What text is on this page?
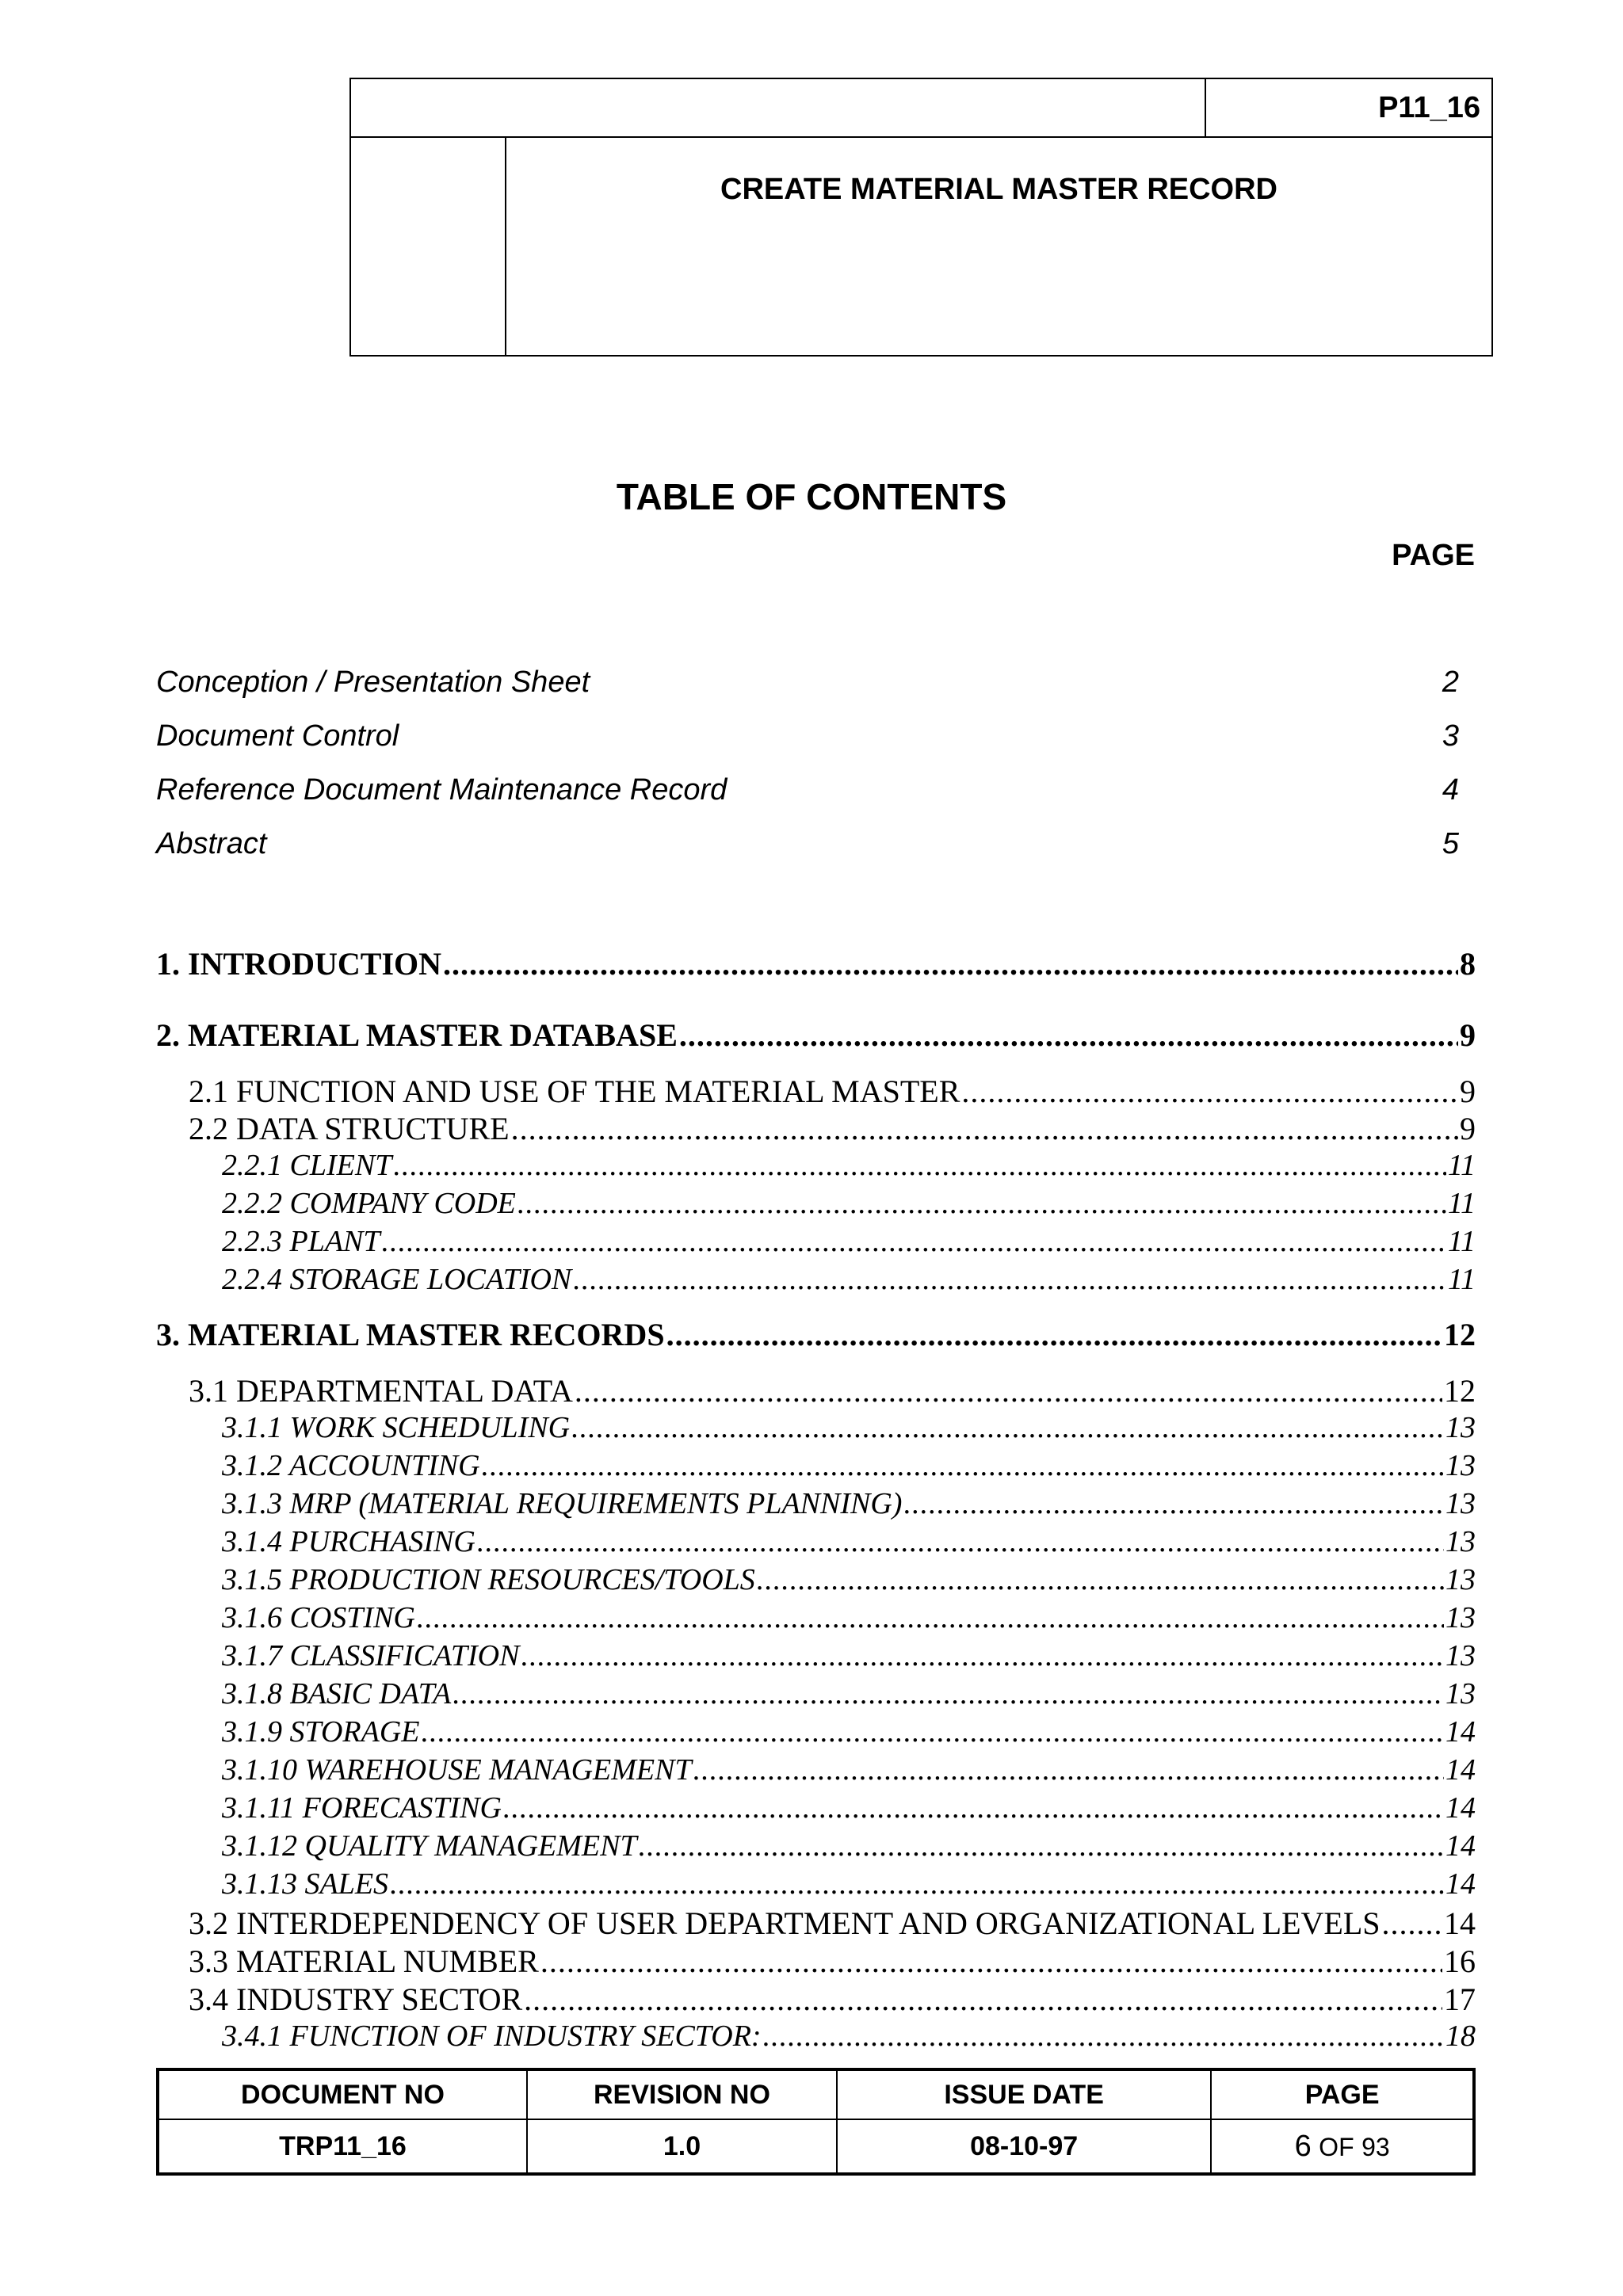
P11_16
CREATE MATERIAL MASTER RECORD
TABLE OF CONTENTS
PAGE
Conception / Presentation Sheet	2
Document Control	3
Reference Document Maintenance Record	4
Abstract	5
1. INTRODUCTION .....	8
2. MATERIAL MASTER DATABASE .....	9
2.1 FUNCTION AND USE OF THE MATERIAL MASTER .....	9
2.2 DATA STRUCTURE .....	9
2.2.1 CLIENT .....	11
2.2.2 COMPANY CODE .....	11
2.2.3 PLANT .....	11
2.2.4 STORAGE LOCATION .....	11
3. MATERIAL MASTER RECORDS .....	12
3.1 DEPARTMENTAL DATA .....	12
3.1.1 WORK SCHEDULING .....	13
3.1.2 ACCOUNTING .....	13
3.1.3 MRP (MATERIAL REQUIREMENTS PLANNING) .....	13
3.1.4 PURCHASING .....	13
3.1.5 PRODUCTION RESOURCES/TOOLS .....	13
3.1.6 COSTING .....	13
3.1.7 CLASSIFICATION .....	13
3.1.8 BASIC DATA .....	13
3.1.9 STORAGE .....	14
3.1.10 WAREHOUSE MANAGEMENT .....	14
3.1.11 FORECASTING .....	14
3.1.12 QUALITY MANAGEMENT .....	14
3.1.13 SALES .....	14
3.2 INTERDEPENDENCY OF USER DEPARTMENT AND ORGANIZATIONAL LEVELS ..... 14
3.3 MATERIAL NUMBER .....	16
3.4 INDUSTRY SECTOR .....	17
3.4.1 FUNCTION OF INDUSTRY SECTOR: .....	18
DOCUMENT NO	REVISION NO	ISSUE DATE	PAGE
TRP11_16	1.0	08-10-97	6 OF 93
